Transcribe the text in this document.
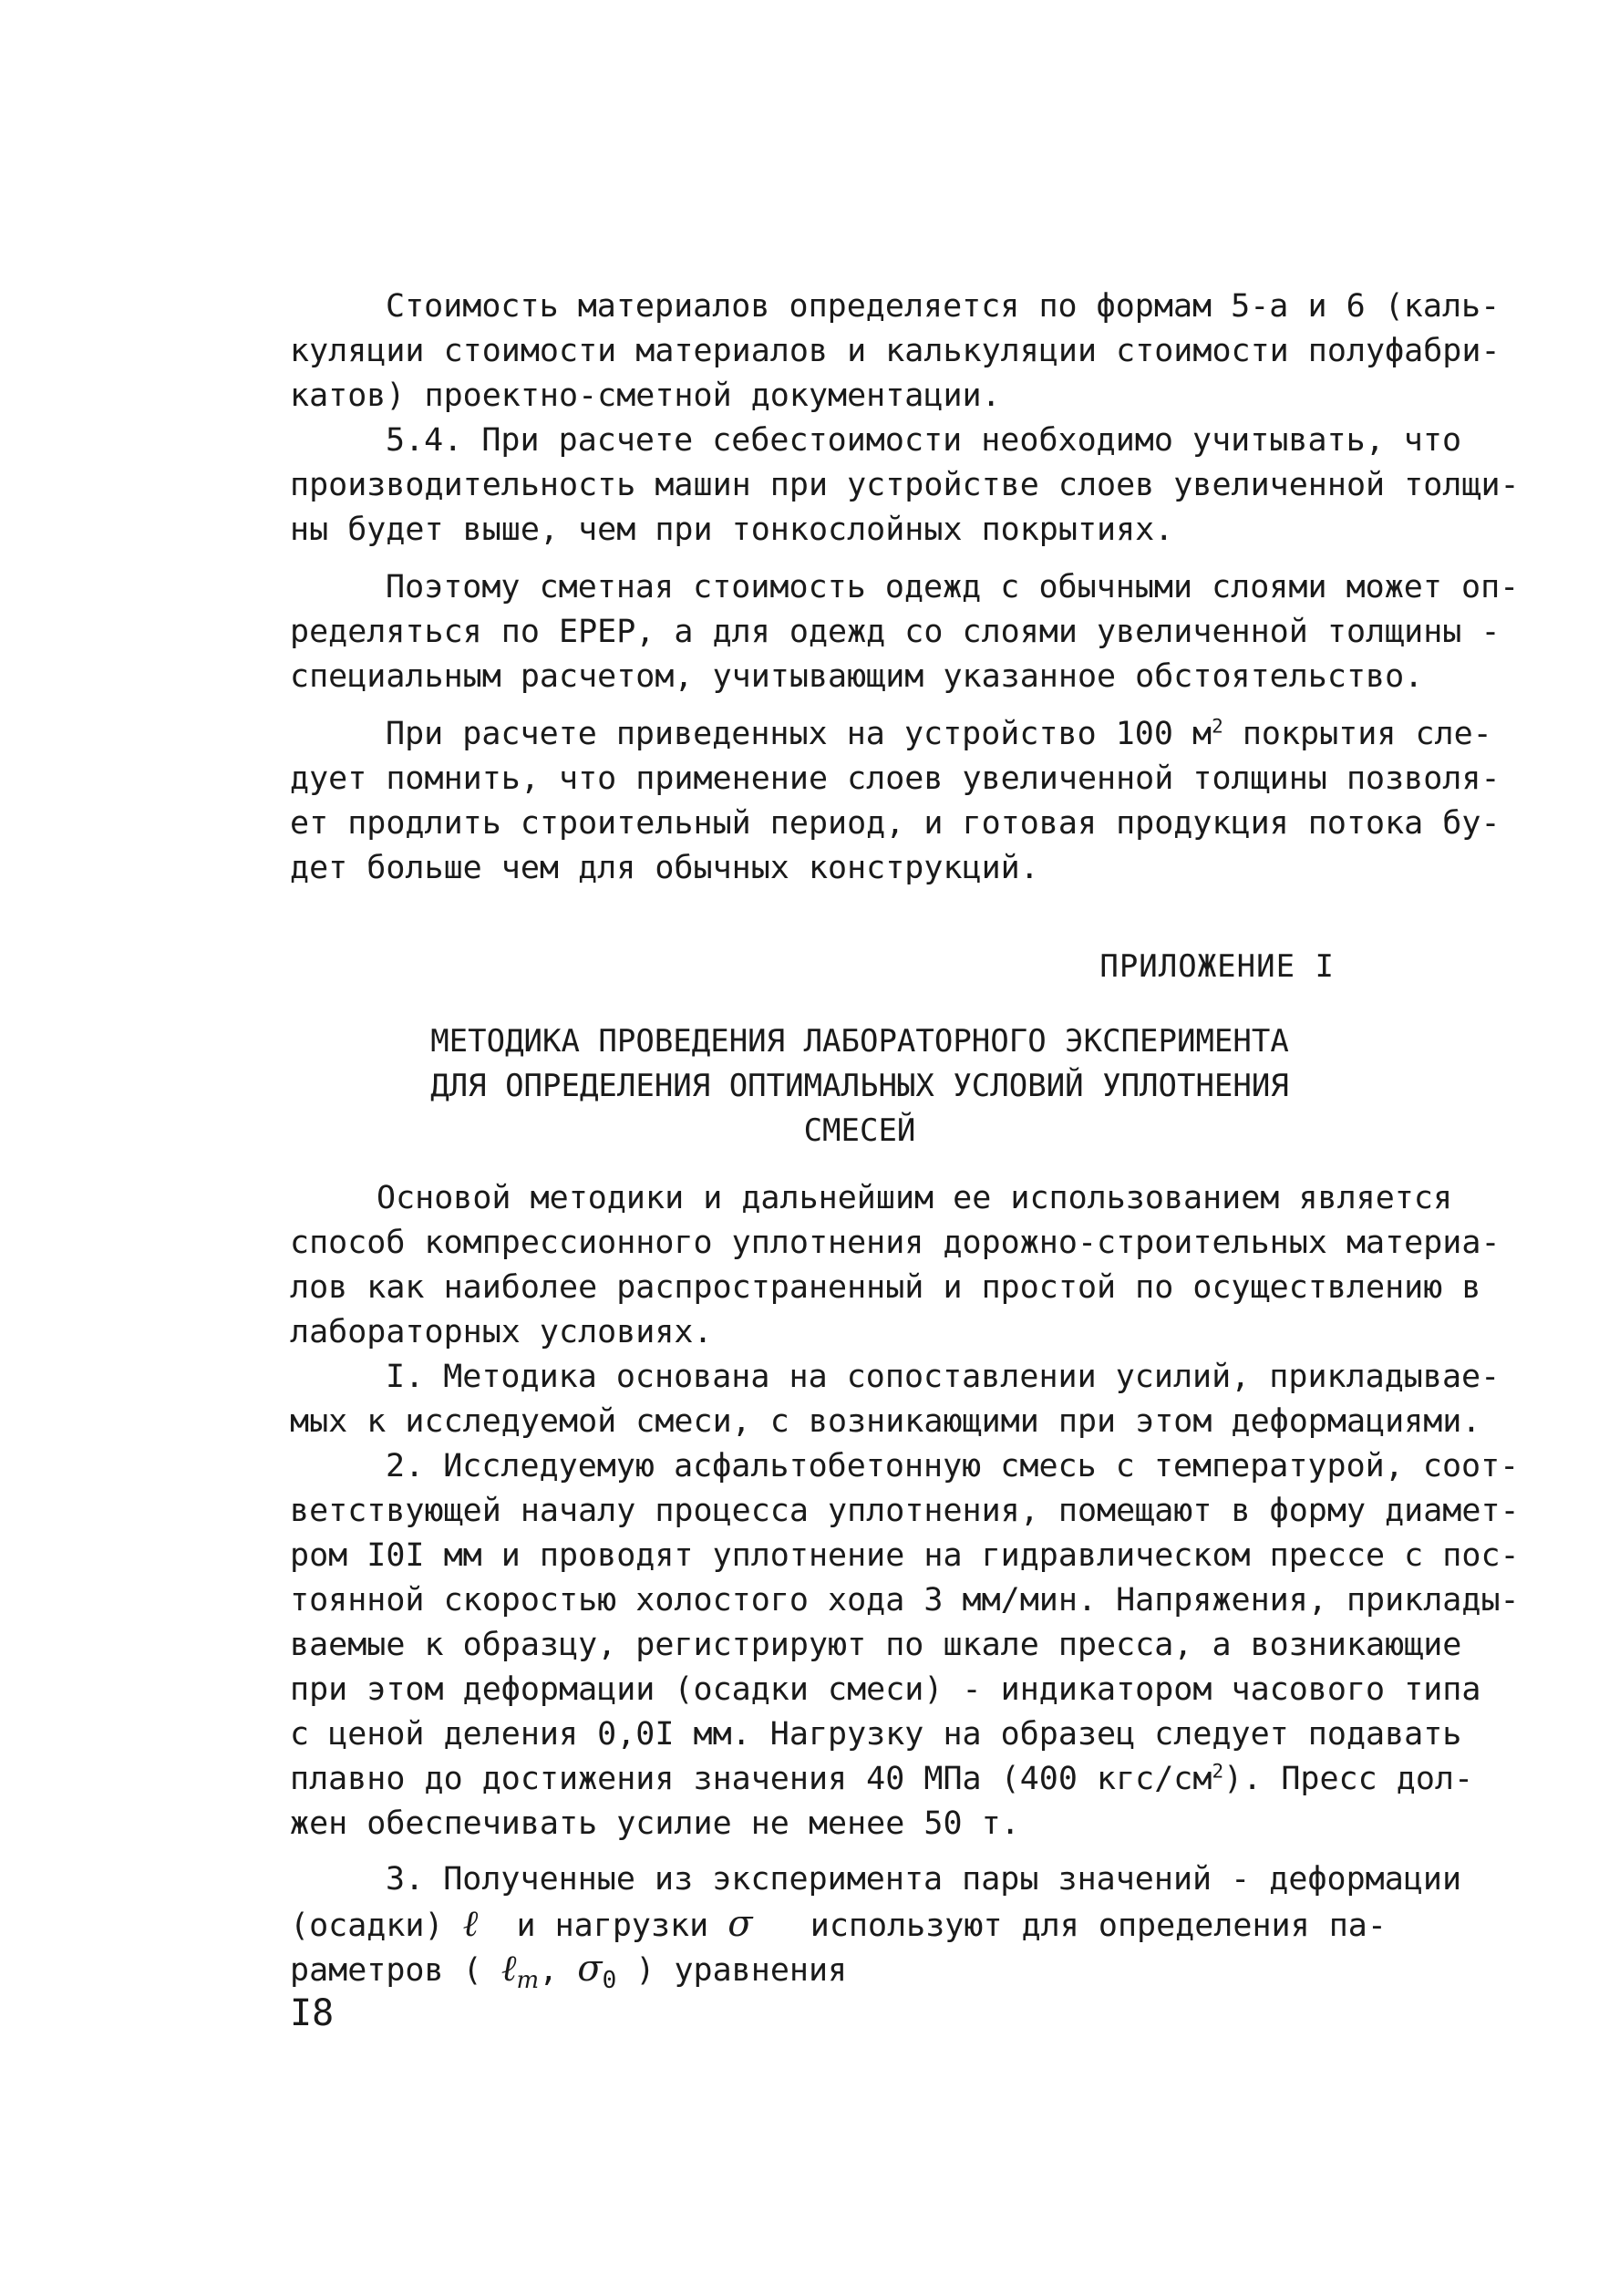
Стоимость материалов определяется по формам 5-а и 6 (каль-
куляции стоимости материалов и калькуляции стоимости полуфабри-
катов) проектно-сметной документации.
5.4. При расчете себестоимости необходимо учитывать, что
производительность машин при устройстве слоев увеличенной толщи-
ны будет выше, чем при тонкослойных покрытиях.
Поэтому сметная стоимость одежд с обычными слоями может оп-
ределяться по ЕРЕР, а для одежд со слоями увеличенной толщины -
специальным расчетом, учитывающим указанное обстоятельство.
При расчете приведенных на устройство 100 $м^2$ покрытия сле-
дует помнить, что применение слоев увеличенной толщины позволя-
ет продлить строительный период, и готовая продукция потока бу-
дет больше чем для обычных конструкций.
ПРИЛОЖЕНИЕ I
МЕТОДИКА ПРОВЕДЕНИЯ ЛАБОРАТОРНОГО ЭКСПЕРИМЕНТА
ДЛЯ ОПРЕДЕЛЕНИЯ ОПТИМАЛЬНЫХ УСЛОВИЙ УПЛОТНЕНИЯ
СМЕСЕЙ
Основой методики и дальнейшим ее использованием является
способ компрессионного уплотнения дорожно-строительных материа-
лов как наиболее распространенный и простой по осуществлению в
лабораторных условиях.
I. Методика основана на сопоставлении усилий, прикладывае-
мых к исследуемой смеси, с возникающими при этом деформациями.
2. Исследуемую асфальтобетонную смесь с температурой, соот-
ветствующей началу процесса уплотнения, помещают в форму диамет-
ром I0I мм и проводят уплотнение на гидравлическом прессе с пос-
тоянной скоростью холостого хода 3 мм/мин. Напряжения, приклады-
ваемые к образцу, регистрируют по шкале пресса, а возникающие
при этом деформации (осадки смеси) - индикатором часового типа
с ценой деления 0,0I мм. Нагрузку на образец следует подавать
плавно до достижения значения 40 МПа (400 кгс/$см^2$). Пресс дол-
жен обеспечивать усилие не менее 50 т.
3. Полученные из эксперимента пары значений - деформации
(осадки) ℓ  и нагрузки σ   используют для определения па-
раметров ( ℓ$_m$, $\sigma_0$ ) уравнения
I8
